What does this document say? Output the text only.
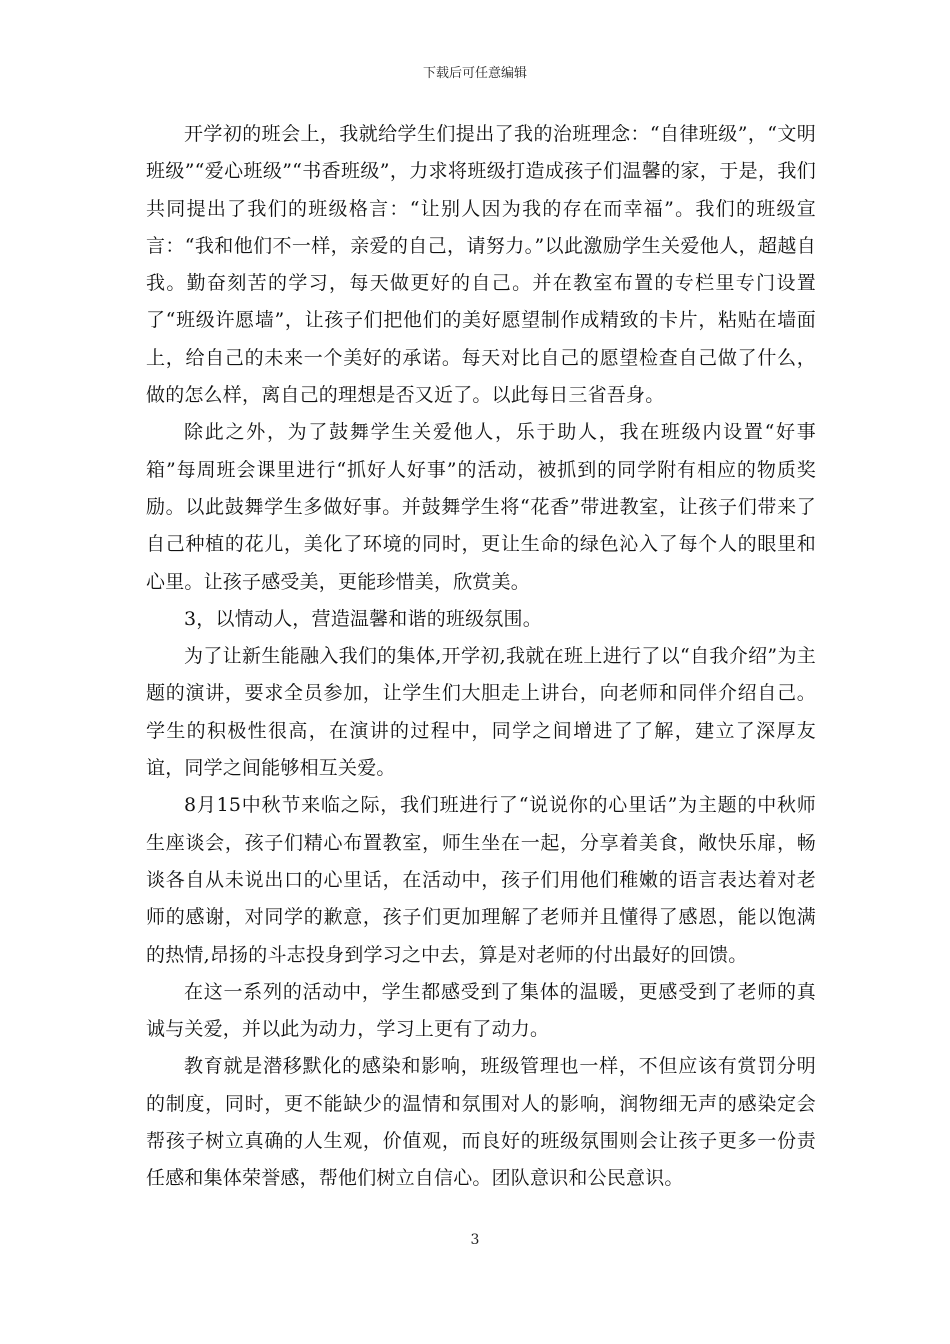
下载后可任意编辑

开学初的班会上，我就给学生们提出了我的治班理念：“自律班级”，“文明班级”“爱心班级”“书香班级”，力求将班级打造成孩子们温馨的家，于是，我们共同提出了我们的班级格言：“让别人因为我的存在而幸福”。我们的班级宣言：“我和他们不一样，亲爱的自己，请努力。”以此激励学生关爱他人，超越自我。勤奋刻苦的学习，每天做更好的自己。并在教室布置的专栏里专门设置了“班级许愿墙”，让孩子们把他们的美好愿望制作成精致的卡片，粘贴在墙面上，给自己的未来一个美好的承诺。每天对比自己的愿望检查自己做了什么，做的怎么样，离自己的理想是否又近了。以此每日三省吾身。

除此之外，为了鼓舞学生关爱他人，乐于助人，我在班级内设置“好事箱”每周班会课里进行“抓好人好事”的活动，被抓到的同学附有相应的物质奖励。以此鼓舞学生多做好事。并鼓舞学生将“花香”带进教室，让孩子们带来了自己种植的花儿，美化了环境的同时，更让生命的绿色沁入了每个人的眼里和心里。让孩子感受美，更能珍惜美，欣赏美。

3，以情动人，营造温馨和谐的班级氛围。

为了让新生能融入我们的集体,开学初,我就在班上进行了以“自我介绍”为主题的演讲，要求全员参加，让学生们大胆走上讲台，向老师和同伴介绍自己。学生的积极性很高，在演讲的过程中，同学之间增进了了解，建立了深厚友谊，同学之间能够相互关爱。

8月15中秋节来临之际，我们班进行了“说说你的心里话”为主题的中秋师生座谈会，孩子们精心布置教室，师生坐在一起，分享着美食，敞快乐扉，畅谈各自从未说出口的心里话，在活动中，孩子们用他们稚嫩的语言表达着对老师的感谢，对同学的歉意，孩子们更加理解了老师并且懂得了感恩，能以饱满的热情,昂扬的斗志投身到学习之中去，算是对老师的付出最好的回馈。

在这一系列的活动中，学生都感受到了集体的温暖，更感受到了老师的真诚与关爱，并以此为动力，学习上更有了动力。

教育就是潜移默化的感染和影响，班级管理也一样，不但应该有赏罚分明的制度，同时，更不能缺少的温情和氛围对人的影响，润物细无声的感染定会帮孩子树立真确的人生观，价值观，而良好的班级氛围则会让孩子更多一份责任感和集体荣誉感，帮他们树立自信心。团队意识和公民意识。

3
